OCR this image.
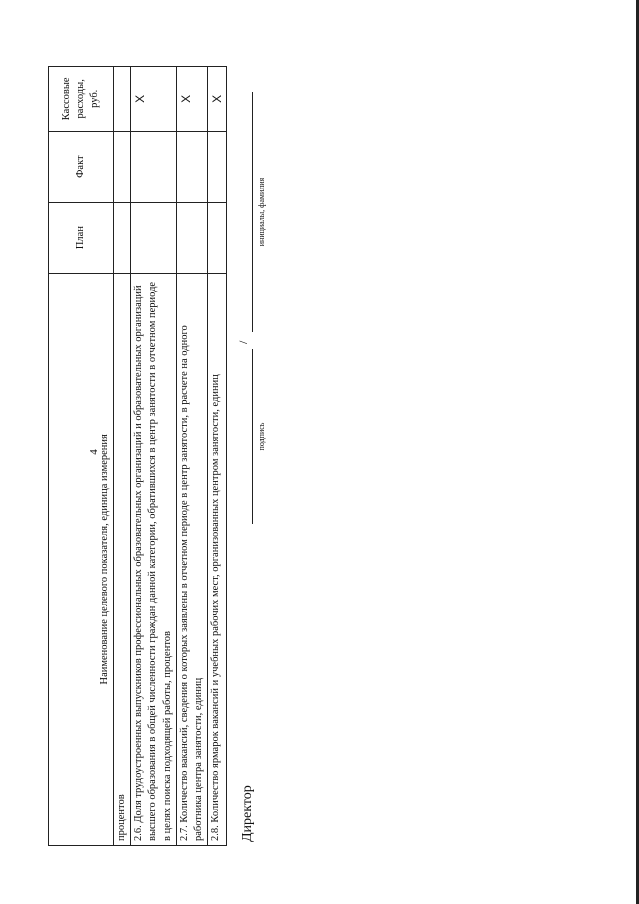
4
Наименование целевого показателя, единица измерения	План	Факт	Кассовые расходы, руб.
процентов			
2.6. Доля трудоустроенных выпускников профессиональных образовательных организаций и образовательных организаций высшего образования в общей численности граждан данной категории, обратившихся в центр занятости в отчетном периоде в целях поиска подходящей работы, процентов			X
2.7. Количество вакансий, сведения о которых заявлены в отчетном периоде в центр занятости, в расчете на одного работника центра занятости, единиц			X
2.8. Количество ярмарок вакансий и учебных рабочих мест, организованных центром занятости, единиц			X
Директор
подпись
/
инициалы, фамилия
